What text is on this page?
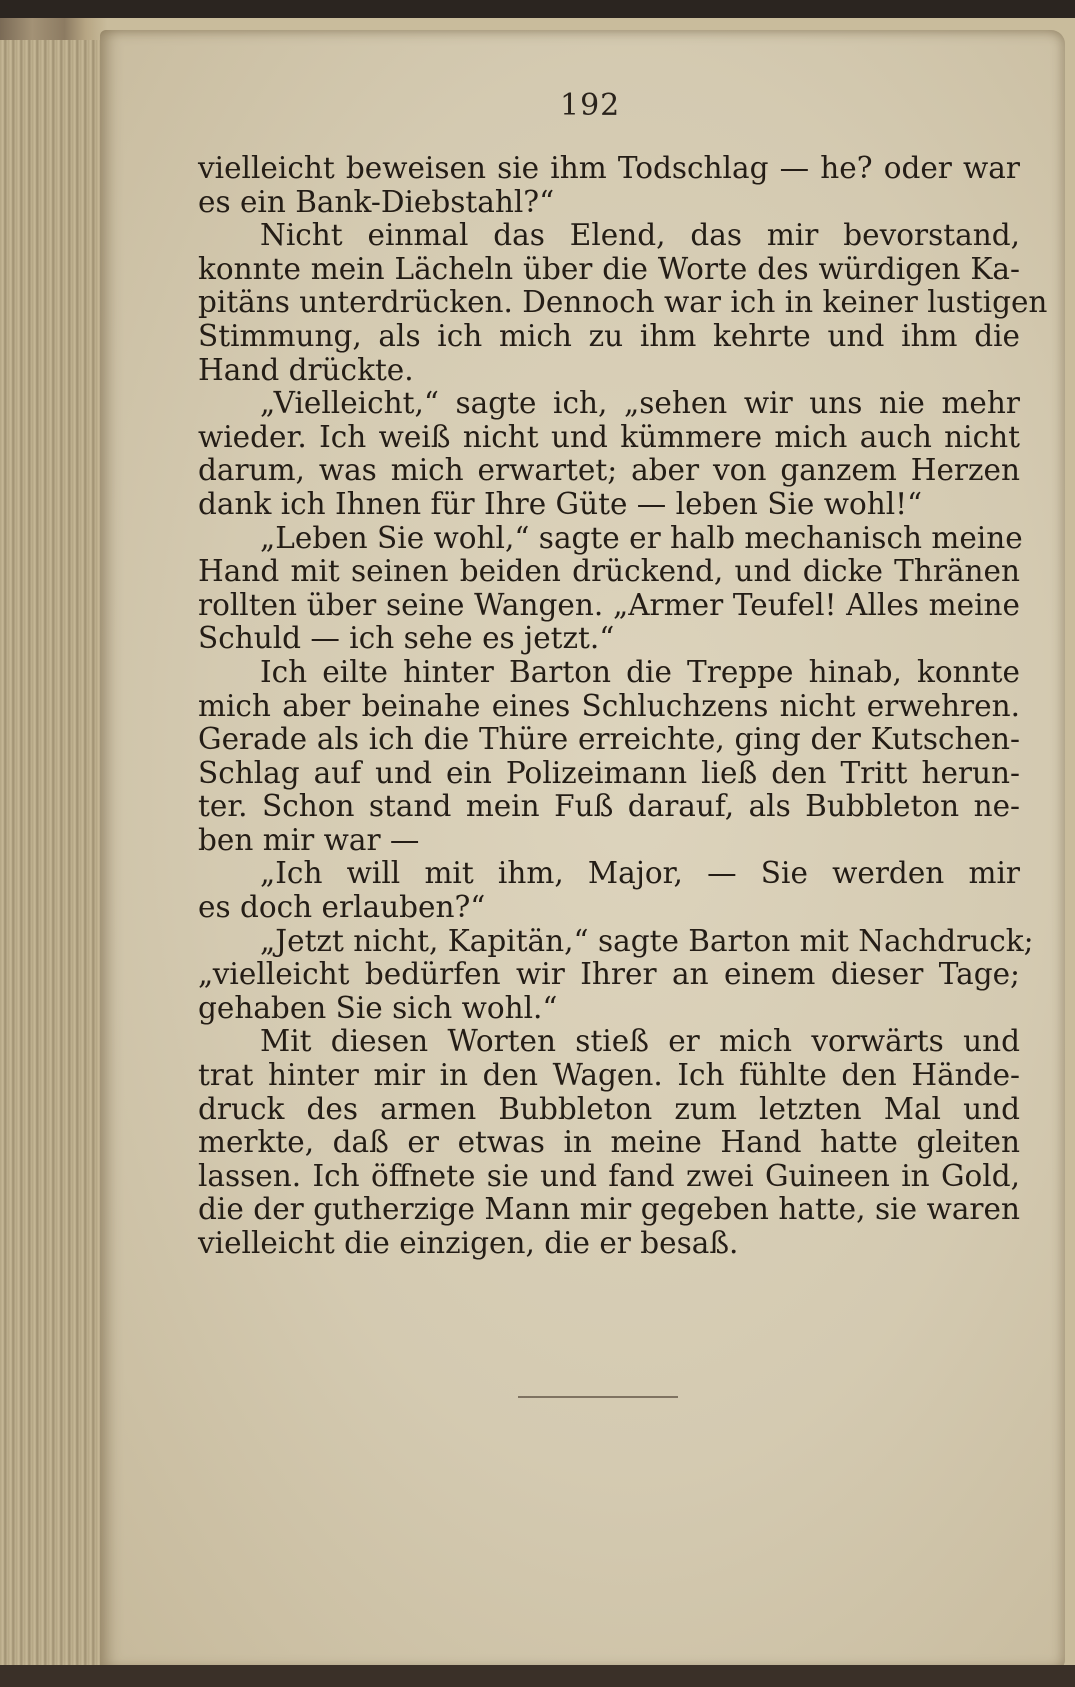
192
vielleicht beweisen sie ihm Todschlag — he? oder war
es ein Bank-Diebstahl?“
Nicht einmal das Elend, das mir bevorstand,
konnte mein Lächeln über die Worte des würdigen Ka-
pitäns unterdrücken. Dennoch war ich in keiner lustigen
Stimmung, als ich mich zu ihm kehrte und ihm die
Hand drückte.
„Vielleicht,“ sagte ich, „sehen wir uns nie mehr
wieder. Ich weiß nicht und kümmere mich auch nicht
darum, was mich erwartet; aber von ganzem Herzen
dank ich Ihnen für Ihre Güte — leben Sie wohl!“
„Leben Sie wohl,“ sagte er halb mechanisch meine
Hand mit seinen beiden drückend, und dicke Thränen
rollten über seine Wangen. „Armer Teufel! Alles meine
Schuld — ich sehe es jetzt.“
Ich eilte hinter Barton die Treppe hinab, konnte
mich aber beinahe eines Schluchzens nicht erwehren.
Gerade als ich die Thüre erreichte, ging der Kutschen-
Schlag auf und ein Polizeimann ließ den Tritt herun-
ter. Schon stand mein Fuß darauf, als Bubbleton ne-
ben mir war —
„Ich will mit ihm, Major, — Sie werden mir
es doch erlauben?“
„Jetzt nicht, Kapitän,“ sagte Barton mit Nachdruck;
„vielleicht bedürfen wir Ihrer an einem dieser Tage;
gehaben Sie sich wohl.“
Mit diesen Worten stieß er mich vorwärts und
trat hinter mir in den Wagen. Ich fühlte den Hände-
druck des armen Bubbleton zum letzten Mal und
merkte, daß er etwas in meine Hand hatte gleiten
lassen. Ich öffnete sie und fand zwei Guineen in Gold,
die der gutherzige Mann mir gegeben hatte, sie waren
vielleicht die einzigen, die er besaß.
